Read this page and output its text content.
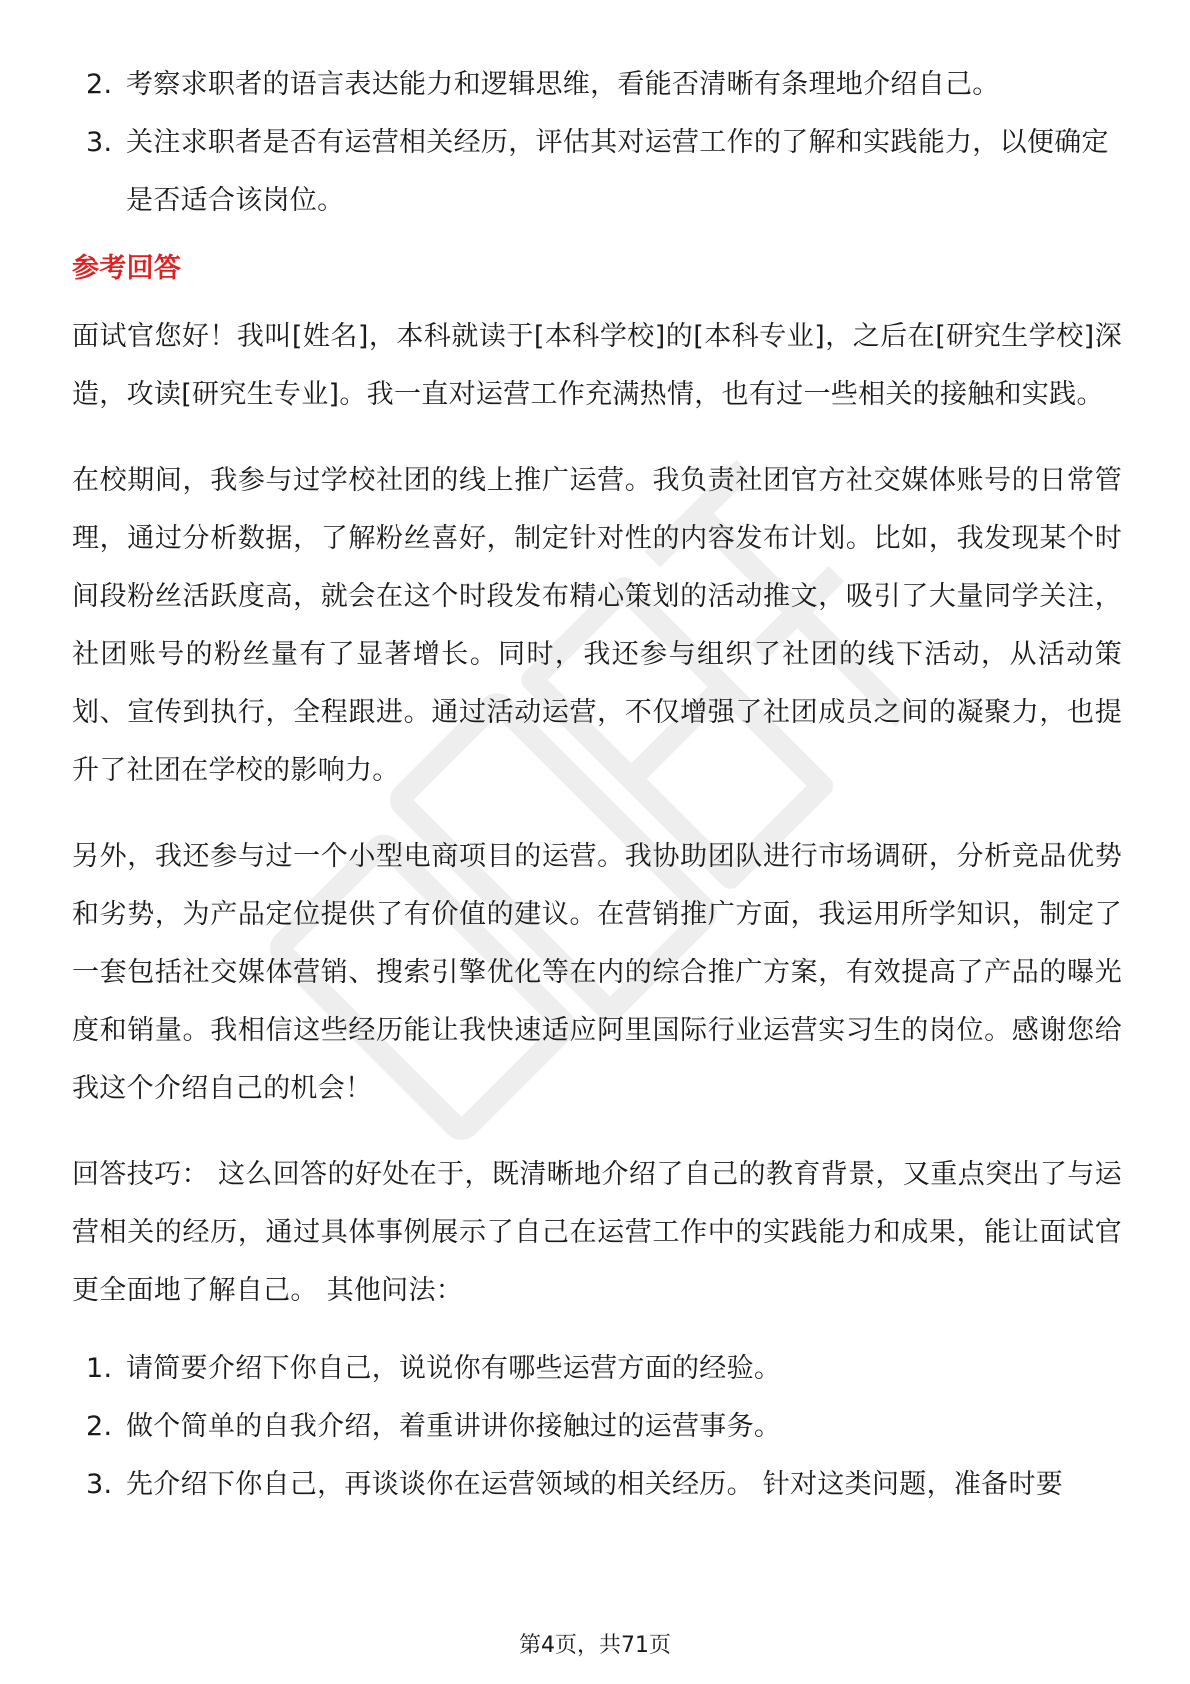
2. 考察求职者的语言表达能力和逻辑思维，看能否清晰有条理地介绍自己。
3. 关注求职者是否有运营相关经历，评估其对运营工作的了解和实践能力，以便确定是否适合该岗位。
参考回答

面试官您好！我叫[姓名]，本科就读于[本科学校]的[本科专业]，之后在[研究生学校]深造，攻读[研究生专业]。我一直对运营工作充满热情，也有过一些相关的接触和实践。

在校期间，我参与过学校社团的线上推广运营。我负责社团官方社交媒体账号的日常管理，通过分析数据，了解粉丝喜好，制定针对性的内容发布计划。比如，我发现某个时间段粉丝活跃度高，就会在这个时段发布精心策划的活动推文，吸引了大量同学关注，社团账号的粉丝量有了显著增长。同时，我还参与组织了社团的线下活动，从活动策划、宣传到执行，全程跟进。通过活动运营，不仅增强了社团成员之间的凝聚力，也提升了社团在学校的影响力。

另外，我还参与过一个小型电商项目的运营。我协助团队进行市场调研，分析竞品优势和劣势，为产品定位提供了有价值的建议。在营销推广方面，我运用所学知识，制定了一套包括社交媒体营销、搜索引擎优化等在内的综合推广方案，有效提高了产品的曝光度和销量。我相信这些经历能让我快速适应阿里国际行业运营实习生的岗位。感谢您给我这个介绍自己的机会！

回答技巧： 这么回答的好处在于，既清晰地介绍了自己的教育背景，又重点突出了与运营相关的经历，通过具体事例展示了自己在运营工作中的实践能力和成果，能让面试官更全面地了解自己。 其他问法：

1. 请简要介绍下你自己，说说你有哪些运营方面的经验。
2. 做个简单的自我介绍，着重讲讲你接触过的运营事务。
3. 先介绍下你自己，再谈谈你在运营领域的相关经历。 针对这类问题，准备时要
第4页，共71页
